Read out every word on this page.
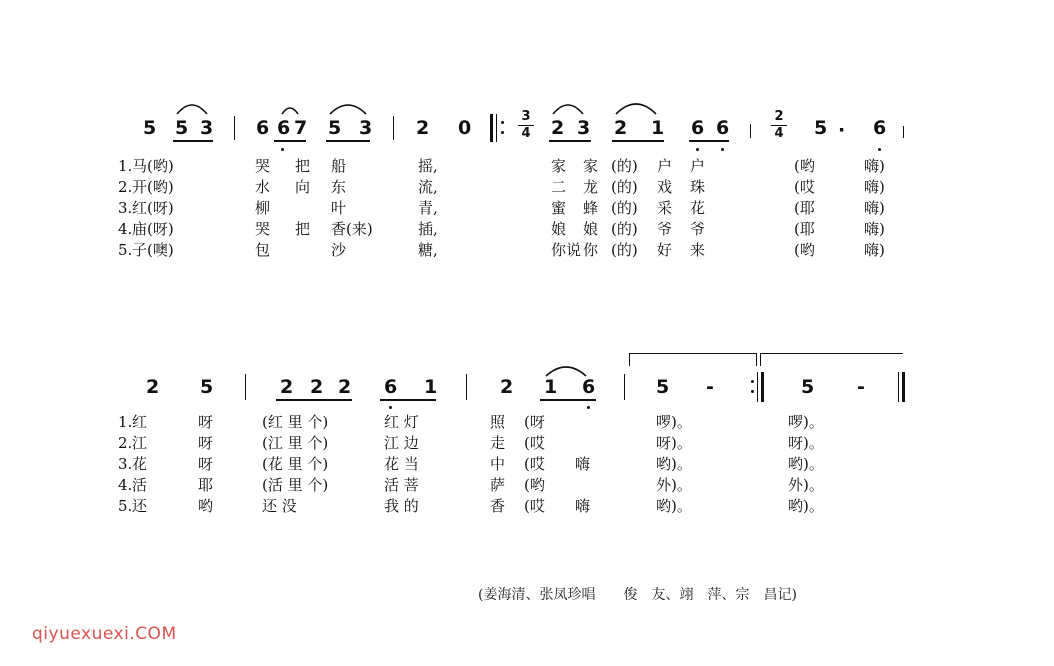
5 5 3 6 6 7 5 3 2 0	2 3 2 1 6 6	5 6
·
3
4
2
4
1. 马(哟)	哭 把 船	摇,	家 家 (的) 户 户	(哟	嗨)
2. 开(哟)	水 向 东	流,	二 龙 (的) 戏 珠	(哎	嗨)
3. 红(呀)	柳	叶	青,	蜜 蜂 (的) 采 花	(耶	嗨)
4. 庙(呀)	哭 把 香(来)	插,	娘 娘 (的) 爷 爷	(耶	嗨)
5. 子(噢)	包	沙	糖,	你说 你 (的) 好 来	(哟	嗨)
2 5	2 2 2 6 1	2 1 6	5 -	5 -
1. 红	呀	(红 里 个)	红 灯	照 (呀	啰)。	啰)。
2. 江	呀	(江 里 个)	江 边	走 (哎	呀)。	呀)。
3. 花	呀	(花 里 个)	花 当	中 (哎 嗨	哟)。	哟)。
4. 活	耶	(活 里 个)	活 菩	萨 (哟	外)。	外)。
5. 还	哟	还 没	我 的	香 (哎 嗨	哟)。	哟)。
(姜海清、张凤珍唱　　俊　友、翊　萍、宗　昌记)
qiyuexuexi.COM
